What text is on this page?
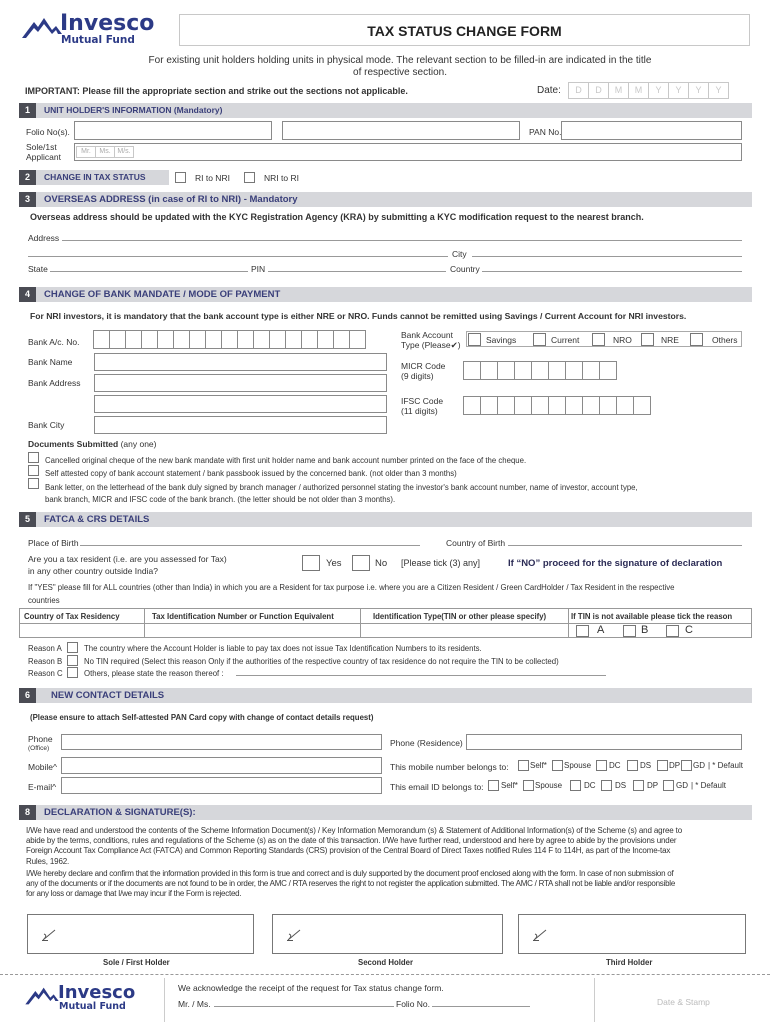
Invesco
Mutual Fund
TAX STATUS CHANGE FORM
For existing unit holders holding units in physical mode. The relevant section to be filled-in are indicated in the title
of respective section.
IMPORTANT: Please fill the appropriate section and strike out the sections not applicable.	Date:	D	D	M	M	Y	Y	Y	Y
1	UNIT HOLDER'S INFORMATION (Mandatory)
Folio No(s).	PAN No.
Sole/1st
Applicant
Mr.	Ms. M/s.
2	CHANGE IN TAX STATUS	RI to NRI	NRI to RI
3	OVERSEAS ADDRESS (in case of RI to NRI) - Mandatory
Overseas address should be updated with the KYC Registration Agency (KRA) by submitting a KYC modification request to the nearest branch.
Address
City
State	PIN	Country
4	CHANGE OF BANK MANDATE / MODE OF PAYMENT
For NRI investors, it is mandatory that the bank account type is either NRE or NRO. Funds cannot be remitted using Savings / Current Account for NRI investors.
Bank A/c. No.
Bank Account
Type (Please✔)	Savings	Current	NRO	NRE	Others
Bank Name	MICR Code
(9 digits)
Bank Address
IFSC Code
(11 digits)
Bank City
Documents Submitted (any one)
Cancelled original cheque of the new bank mandate with first unit holder name and bank account number printed on the face of the cheque.
Self attested copy of bank account statement / bank passbook issued by the concerned bank. (not older than 3 months)
Bank letter, on the letterhead of the bank duly signed by branch manager / authorized personnel stating the investor's bank account number, name of investor, account type,
bank branch, MICR and IFSC code of the bank branch. (the letter should be not older than 3 months).
5	FATCA & CRS DETAILS
Place of Birth	Country of Birth
Are you a tax resident (i.e. are you assessed for Tax)
in any other country outside India?
Yes	No [Please tick (3) any]	If “NO” proceed for the signature of declaration
If "YES" please fill for ALL countries (other than India) in which you are a Resident for tax purpose i.e. where you are a Citizen Resident / Green CardHolder / Tax Resident in the respective
countries
Country of Tax Residency	Tax Identification Number or Function Equivalent	Identification Type(TIN or other please specify)	If TIN is not available please tick the reason
A	B	C
Reason A	The country where the Account Holder is liable to pay tax does not issue Tax Identification Numbers to its residents.
Reason B	No TIN required (Select this reason Only if the authorities of the respective country of tax residence do not require the TIN to be collected)
Reason C	Others, please state the reason thereof :
6	NEW CONTACT DETAILS
(Please ensure to attach Self-attested PAN Card copy with change of contact details request)
Phone
(Office)
Phone (Residence)
Mobile^	This mobile number belongs to:	Self* Spouse DC DS DP GD | * Default
E-mail^	This email ID belongs to: Self* Spouse	DC DS	DP GD | * Default
8	DECLARATION & SIGNATURE(S):
I/We have read and understood the contents of the Scheme Information Document(s) / Key Information Memorandum (s) & Statement of Additional Information(s) of the Scheme (s) and agree to
abide by the terms, conditions, rules and regulations of the Scheme (s) as on the date of this transaction. I/We have further read, understood and here by agree to abide by the provisions under
Foreign Account Tax Compliance Act (FATCA) and Common Reporting Standards (CRS) provision of the Central Board of Direct Taxes notified Rules 114 F to 114H, as part of the Income-tax
Rules, 1962.
I/We hereby declare and confirm that the information provided in this form is true and correct and is duly supported by the document proof enclosed along with the form. In case of non submission of
any of the documents or if the documents are not found to be in order, the AMC / RTA reserves the right to not register the application submitted. The AMC / RTA shall not be liable and/or responsible
for any loss or damage that I/we may incur if the Form is rejected.
Sole / First Holder	Second Holder	Third Holder
Invesco
Mutual Fund
We acknowledge the receipt of the request for Tax status change form.
Mr. / Ms.	Folio No.	Date & Stamp
